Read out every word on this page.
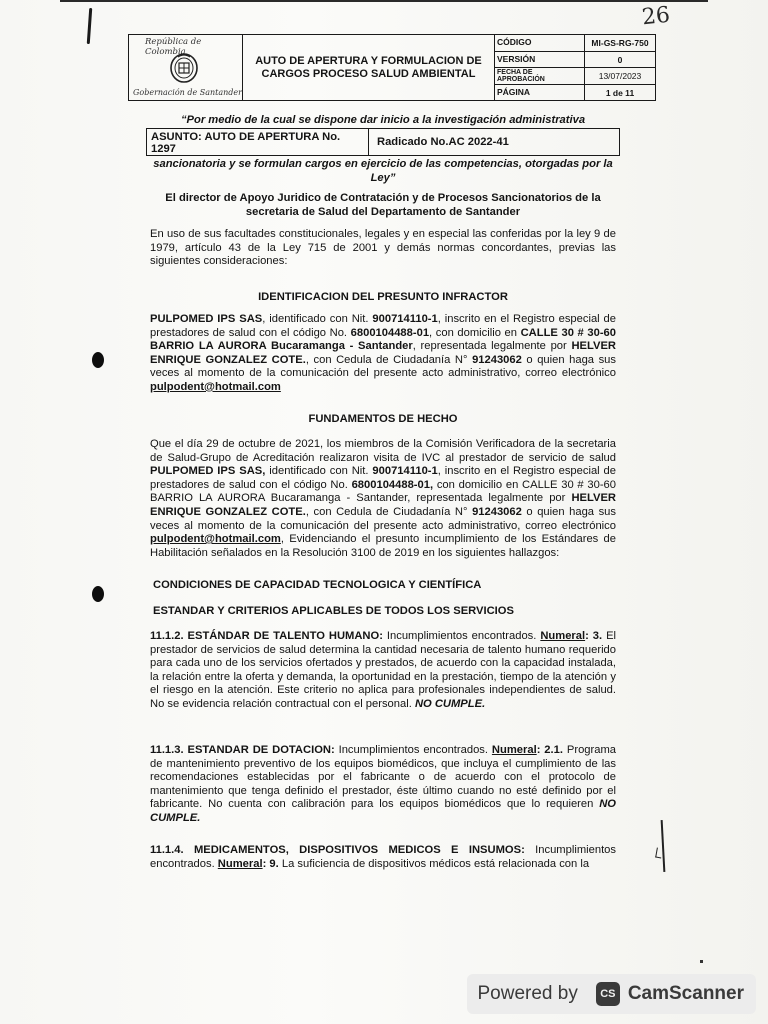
26
República de Colombia
Gobernación de Santander
AUTO DE APERTURA Y FORMULACION DE
CARGOS PROCESO SALUD AMBIENTAL
CÓDIGO	MI-GS-RG-750
VERSIÓN	0
FECHA DE APROBACIÓN	13/07/2023
PÁGINA	1 de 11
“Por medio de la cual se dispone dar inicio a la investigación administrativa
ASUNTO: AUTO DE APERTURA No. 1297
Radicado No.AC 2022-41
sancionatoria y se formulan cargos en ejercicio de las competencias, otorgadas por la Ley”
El director de Apoyo Juridico de Contratación y de Procesos Sancionatorios de la secretaria de Salud del Departamento de Santander
En uso de sus facultades constitucionales, legales y en especial las conferidas por la ley 9 de 1979, artículo 43 de la Ley 715 de 2001 y demás normas concordantes, previas las siguientes consideraciones:
IDENTIFICACION DEL PRESUNTO INFRACTOR
PULPOMED IPS SAS, identificado con Nit. 900714110-1, inscrito en el Registro especial de prestadores de salud con el código No. 6800104488-01, con domicilio en CALLE 30 # 30-60 BARRIO LA AURORA Bucaramanga - Santander, representada legalmente por HELVER ENRIQUE GONZALEZ COTE., con Cedula de Ciudadanía N° 91243062 o quien haga sus veces al momento de la comunicación del presente acto administrativo, correo electrónico pulpodent@hotmail.com
FUNDAMENTOS DE HECHO
Que el día 29 de octubre de 2021, los miembros de la Comisión Verificadora de la secretaria de Salud-Grupo de Acreditación realizaron visita de IVC al prestador de servicio de salud PULPOMED IPS SAS, identificado con Nit. 900714110-1, inscrito en el Registro especial de prestadores de salud con el código No. 6800104488-01, con domicilio en CALLE 30 # 30-60 BARRIO LA AURORA Bucaramanga - Santander, representada legalmente por HELVER ENRIQUE GONZALEZ COTE., con Cedula de Ciudadanía N° 91243062 o quien haga sus veces al momento de la comunicación del presente acto administrativo, correo electrónico pulpodent@hotmail.com, Evidenciando el presunto incumplimiento de los Estándares de Habilitación señalados en la Resolución 3100 de 2019 en los siguientes hallazgos:
CONDICIONES DE CAPACIDAD TECNOLOGICA Y CIENTÍFICA
ESTANDAR Y CRITERIOS APLICABLES DE TODOS LOS SERVICIOS
11.1.2. ESTÁNDAR DE TALENTO HUMANO: Incumplimientos encontrados. Numeral: 3. El prestador de servicios de salud determina la cantidad necesaria de talento humano requerido para cada uno de los servicios ofertados y prestados, de acuerdo con la capacidad instalada, la relación entre la oferta y demanda, la oportunidad en la prestación, tiempo de la atención y el riesgo en la atención. Este criterio no aplica para profesionales independientes de salud. No se evidencia relación contractual con el personal. NO CUMPLE.
11.1.3. ESTANDAR DE DOTACION: Incumplimientos encontrados. Numeral: 2.1. Programa de mantenimiento preventivo de los equipos biomédicos, que incluya el cumplimiento de las recomendaciones establecidas por el fabricante o de acuerdo con el protocolo de mantenimiento que tenga definido el prestador, éste último cuando no esté definido por el fabricante. No cuenta con calibración para los equipos biomédicos que lo requieren NO CUMPLE.
11.1.4. MEDICAMENTOS, DISPOSITIVOS MEDICOS E INSUMOS: Incumplimientos encontrados. Numeral: 9. La suficiencia de dispositivos médicos está relacionada con la
Powered by	CS CamScanner
